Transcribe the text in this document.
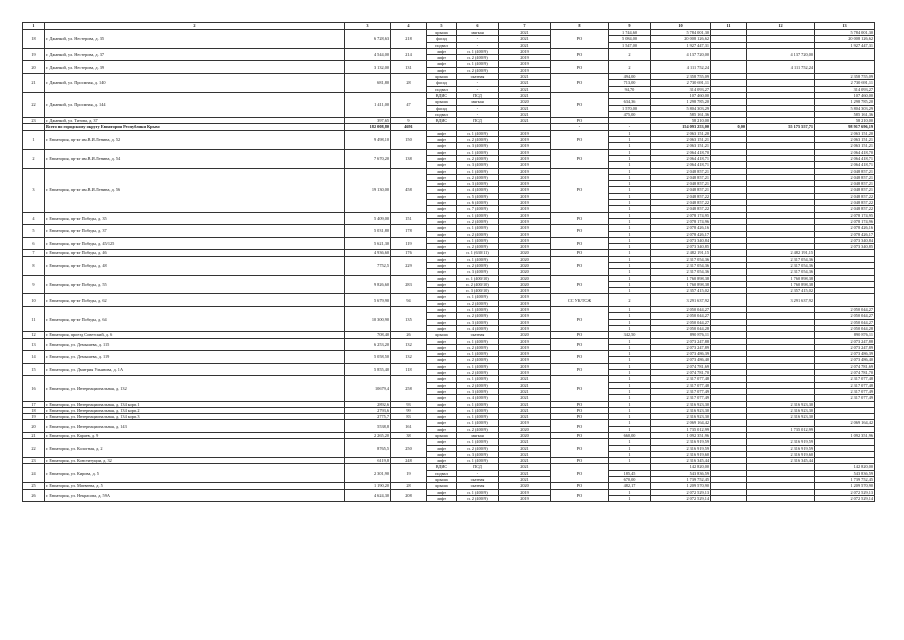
1	2	3	4	5	6	7	8	9	10	11	12	13
18	г. Джанкой, ул. Нестерова, д. 35	6 728,63	218	крыша	мягкая	2021	РО	1 744,60	5 784 001,30			5 784 001,30
				фасад	-	2021		5 084,00	20 008 126,62			20 008 126,62
				подвал	-	2021		1 547,00	1 927 447,31			1 927 447,31
19	г. Джанкой, ул. Нестерова, д. 37	4 544,00	214	лифт	п. 1 (400/9)	2019	РО	2	4 137 720,00		4 137 720,00	
				лифт	п. 2 (400/9)	2019						
20	г. Джанкой, ул. Нестерова, д. 39	3 132,00	131	лифт	п. 1 (400/9)	2019	РО	2	4 111 752,24		4 111 752,24	
				лифт	п. 2 (400/9)	2019						
21	г. Джанкой, ул. Просмная, д. 140	681,80	28	крыша	скатная	2021	РО	494,00	2 358 755,09			2 358 755,09
				фасад	-	2021		713,00	2 730 691,11			2 730 691,11
				подвал	-	2021		94,70	314 093,27			314 093,27
22	г. Джанкой, ул. Просмная, д. 144	1 411,00	47	ВДИС	ПСД	2021	РО		107 460,00			107 460,00
				крыша	мягкая	2020		634,36	1 298 785,20			1 298 785,20
				фасад	-	2021		1 570,00	5 804 303,29			5 804 303,29
				подвал	-	2021		475,00	585 161,36			585 161,36
23	г. Джанкой, ул. Титова, д. 37	397,65	9	ВДИС	ПСД	2021	РО		58 210,00			58 210,00
	Всего по городскому округу Евпатория Республики Крым:	182 008,80	4691				-	-	154 093 253,00	0,00	55 175 557,71	98 917 696,19
1	г. Евпатория, пр-кт им.В.И.Ленина, д. 52	9 498,10	150	лифт	п. 1 (400/9)	2019	РО	1	2 063 151,20			2 063 151,20
				лифт	п. 2 (400/9)	2019		1	2 063 151,21			2 063 151,21
				лифт	п. 3 (400/9)	2019		1	2 063 151,21			2 063 151,21
2	г. Евпатория, пр-кт им.В.И.Ленина, д. 54	7 670,20	138	лифт	п. 1 (400/9)	2019	РО	1	2 064 418,70			2 064 418,70
				лифт	п. 2 (400/9)	2019		1	2 064 418,71			2 064 418,71
				лифт	п. 3 (400/9)	2019		1	2 064 418,71			2 064 418,71
3	г. Евпатория, пр-кт им.В.И.Ленина, д. 56	19 130,00	458	лифт	п. 1 (400/9)	2019	РО	1	2 048 857,21			2 048 857,21
				лифт	п. 2 (400/9)	2019		1	2 048 857,21			2 048 857,21
				лифт	п. 3 (400/9)	2019		1	2 048 857,21			2 048 857,21
				лифт	п. 4 (400/9)	2019		1	2 048 857,21			2 048 857,21
				лифт	п. 5 (400/9)	2019		1	2 048 857,22			2 048 857,22
				лифт	п. 6 (400/9)	2019		1	2 048 857,22			2 048 857,22
				лифт	п. 7 (400/9)	2019		1	2 048 857,22			2 048 857,22
4	г. Евпатория, пр-кт Победы, д. 35	5 409,00	151	лифт	п. 1 (400/9)	2019	РО	1	2 078 174,95			2 078 174,95
				лифт	п. 2 (400/9)	2019		1	2 078 174,96			2 078 174,96
5	г. Евпатория, пр-кт Победы, д. 37	5 031,80	178	лифт	п. 1 (400/9)	2019	РО	1	2 078 426,16			2 078 426,16
				лифт	п. 2 (400/9)	2019		1	2 078 426,17			2 078 426,17
6	г. Евпатория, пр-кт Победы, д. 45/125	5 621,30	119	лифт	п. 1 (400/9)	2019	РО	1	2 073 340,84			2 073 340,84
				лифт	п. 2 (400/9)	2019		1	2 073 340,85			2 073 340,85
7	г. Евпатория, пр-кт Победы, д. 46	4 936,60	176	лифт	п. 1 (630/11)	2020	РО	1	2 482 191,15		2 482 191,15	
8	г. Евпатория, пр-кт Победы, д. 48	7752,5	229	лифт	п. 1 (400/9)	2020	РО	1	2 317 054,36		2 317 054,36	
				лифт	п. 2 (400/9)	2020		1	2 317 054,36		2 317 054,36	
				лифт	п. 3 (400/9)	2020		1	2 317 054,36		2 317 054,36	
9	г. Евпатория, пр-кт Победы, д. 55	9 826,60	283	лифт	п. 1 (400/10)	2020	РО	1	1 760 898,38		1 760 898,38	
				лифт	п. 2 (400/10)	2020		1	1 760 898,38		1 760 898,38	
				лифт	п. 3 (400/10)	2019		1	2 357 415,02		2 357 415,02	
10	г. Евпатория, пр-кт Победы, д. 62	5 679,90	94	лифт	п. 1 (400/9)	2019	СС УК/ТСЖ	2	3 291 637,92		3 291 637,92	
				лифт	п. 2 (400/9)	2019						
11	г. Евпатория, пр-кт Победы, д. 64	10 300,90	135	лифт	п. 1 (400/9)	2019	РО	1	2 050 044,27			2 050 044,27
				лифт	п. 2 (400/9)	2019		1	2 050 044,27			2 050 044,27
				лифт	п. 3 (400/9)	2019		1	2 050 044,27			2 050 044,27
				лифт	п. 4 (400/9)	2019		1	2 050 044,28			2 050 044,28
12	г. Евпатория, проезд Советский, д. 6	708,40	26	крыша	скатная	2020	РО	342,50	890 876,11			890 876,11
13	г. Евпатория, ул. Демышева, д. 115	6 253,20	132	лифт	п. 1 (400/9)	2019	РО	1	2 073 247,88			2 073 247,88
				лифт	п. 2 (400/9)	2019		1	2 073 247,89			2 073 247,89
14	г. Евпатория, ул. Демышева, д. 119	5 058,50	132	лифт	п. 1 (400/9)	2019	РО	1	2 073 486,39			2 073 486,39
				лифт	п. 2 (400/9)	2019		1	2 073 486,40			2 073 486,40
15	г. Евпатория, ул. Дмитрия Ульянова, д. 1А	5 855,40	118	лифт	п. 1 (400/9)	2019	РО	1	2 074 781,69			2 074 781,69
				лифт	п. 2 (400/9)	2019		1	2 074 781,70			2 074 781,70
16	г. Евпатория, ул. Интернациональная, д. 132	10679,4	258	лифт	п. 1 (400/9)	2021	РО	1	2 317 077,48			2 317 077,48
				лифт	п. 2 (400/9)	2021		1	2 317 077,48			2 317 077,48
				лифт	п. 3 (400/9)	2021		1	2 317 077,49			2 317 077,49
				лифт	п. 4 (400/9)	2021		1	2 317 077,49			2 317 077,49
17	г. Евпатория, ул. Интернациональная, д. 134 корп.1	2892,6	93	лифт	п. 1 (400/9)	2021	РО	1	2 316 923,30		2 316 923,30	
18	г. Евпатория, ул. Интернациональная, д. 134 корп.2	2793,6	99	лифт	п. 1 (400/9)	2021	РО	1	2 316 923,30		2 316 923,30	
19	г. Евпатория, ул. Интернациональная, д. 134 корп.3	2775,7	83	лифт	п. 1 (400/9)	2021	РО	1	2 316 923,30		2 316 923,30	
20	г. Евпатория, ул. Интернациональная, д. 143	5538,8	161	лифт	п. 1 (400/9)	2019	РО	1	2 069 164,42			2 069 164,42
				лифт	п. 2 (400/9)	2020		1	1 735 012,99		1 735 012,99	
21	г. Евпатория, ул. Караев, д. 9	2 265,20	38	крыша	мягкая	2020	РО	660,00	1 092 351,96			1 092 351,96
22	г. Евпатория, ул. Кологная, д. 2	8765,5	250	лифт	п. 1 (400/9)	2021	РО	1	2 316 919,59		2 316 919,59	
				лифт	п. 2 (400/9)	2021		1	2 316 919,59		2 316 919,59	
				лифт	п. 3 (400/9)	2021		1	2 316 919,60		2 316 919,60	
23	г. Евпатория, ул. Конституции, д. 32	6119,8	248	лифт	п. 1 (400/9)	2021	РО	1	2 316 345,44		2 316 345,44	
24	г. Евпатория, ул. Кирова, д. 5	2 301,90	19	ВДИС	ПСД	2021	РО		142 820,00			142 820,00
				подвал	-	2021		185,45	543 836,59			543 836,59
				крыша	скатная	2021		670,00	1 739 752,45			1 739 752,45
25	г. Евпатория, ул. Матвеева, д. 5	1 190,20	28	крыша	скатная	2020	РО	482,17	1 209 570,90			1 209 570,90
26	г. Евпатория, ул. Некрасова, д. 59А	4 624,30	208	лифт	п. 1 (400/9)	2019	РО	1	2 072 529,13			2 072 529,13
				лифт	п. 2 (400/9)	2019		1	2 072 529,14			2 072 529,14
